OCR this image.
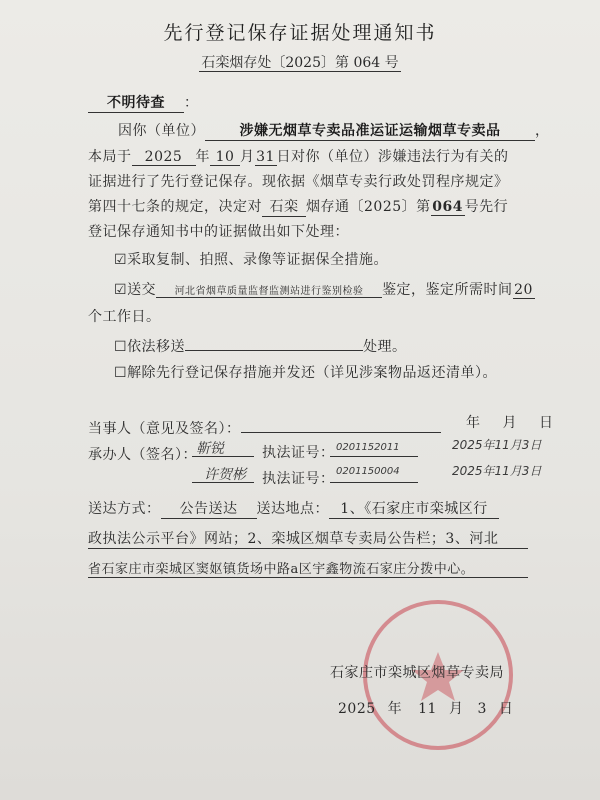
先行登记保存证据处理通知书
石栾烟存处〔2025〕第 064 号
不明待查 ：
因你（单位） 涉嫌无烟草专卖品准运证运输烟草专卖品 ，
本局于 2025 年 10 月 31 日对你（单位）涉嫌违法行为有关的
证据进行了先行登记保存。现依据《烟草专卖行政处罚程序规定》
第四十七条的规定，决定对 石栾 烟存通〔2025〕第 064 号先行
登记保存通知书中的证据做出如下处理：
☑采取复制、拍照、录像等证据保全措施。
☑送交 河北省烟草质量监督监测站进行鉴别检验 鉴定，鉴定所需时间 20
个工作日。
☐依法移送	处理。
☐解除先行登记保存措施并发还（详见涉案物品返还清单）。
当事人（意见及签名）：	年 月 日
承办人（签名）： 靳锐	执法证号： 0201152011	2025年11月3日
许贺彬 执法证号： 0201150004	2025年11月3日
送达方式： 公告送达 送达地点： 1、《石家庄市栾城区行
政执法公示平台》网站；2、栾城区烟草专卖局公告栏；3、河北
省石家庄市栾城区窦妪镇货场中路a区宇鑫物流石家庄分拨中心。
石家庄市栾城区烟草专卖局
2025 年 11 月 3 日
